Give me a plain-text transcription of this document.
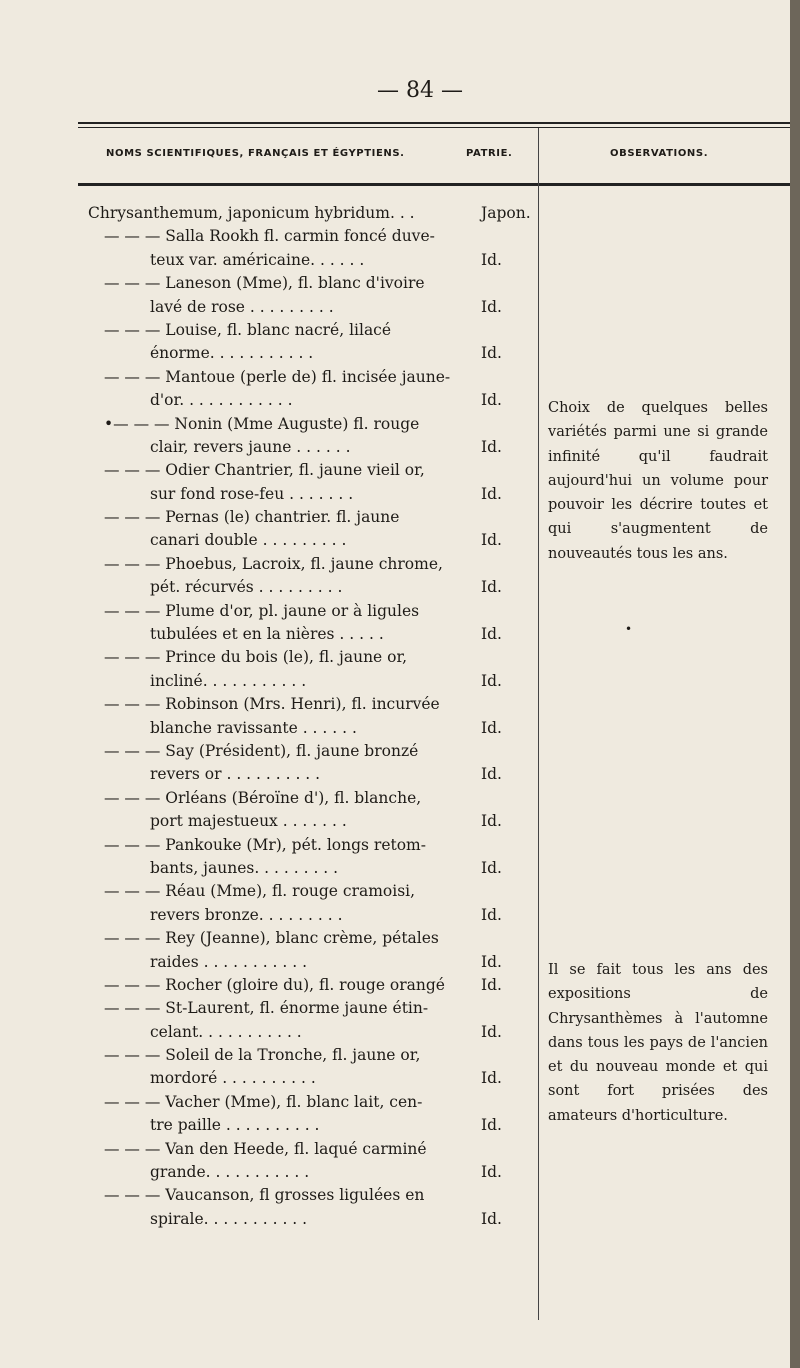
— 84 —
NOMS SCIENTIFIQUES, FRANÇAIS ET ÉGYPTIENS.	PATRIE.	OBSERVATIONS.
Chrysanthemum, japonicum hybridum. . .	Japon.
— — — Salla Rookh fl. carmin foncé duve-
teux var. américaine. . . . . .	Id.
— — — Laneson (Mme), fl. blanc d'ivoire
lavé de rose . . . . . . . . .	Id.
— — — Louise, fl. blanc nacré, lilacé
énorme. . . . . . . . . . .	Id.
— — — Mantoue (perle de) fl. incisée jaune-
d'or. . . . . . . . . . . .	Id.
•— — — Nonin (Mme Auguste) fl. rouge
clair, revers jaune . . . . . .	Id.
— — — Odier Chantrier, fl. jaune vieil or,
sur fond rose-feu . . . . . . .	Id.
— — — Pernas (le) chantrier. fl. jaune
canari double . . . . . . . . .	Id.
— — — Phoebus, Lacroix, fl. jaune chrome,
pét. récurvés . . . . . . . . .	Id.
— — — Plume d'or, pl. jaune or à ligules
tubulées et en la nières . . . . .	Id.
— — — Prince du bois (le), fl. jaune or,
incliné. . . . . . . . . . .	Id.
— — — Robinson (Mrs. Henri), fl. incurvée
blanche ravissante . . . . . .	Id.
— — — Say (Président), fl. jaune bronzé
revers or . . . . . . . . . .	Id.
— — — Orléans (Béroïne d'), fl. blanche,
port majestueux . . . . . . .	Id.
— — — Pankouke (Mr), pét. longs retom-
bants, jaunes. . . . . . . . .	Id.
— — — Réau (Mme), fl. rouge cramoisi,
revers bronze. . . . . . . . .	Id.
— — — Rey (Jeanne), blanc crème, pétales
raides . . . . . . . . . . .	Id.
— — — Rocher (gloire du), fl. rouge orangé Id.
— — — St-Laurent, fl. énorme jaune étin-
celant. . . . . . . . . . .	Id.
— — — Soleil de la Tronche, fl. jaune or,
mordoré . . . . . . . . . .	Id.
— — — Vacher (Mme), fl. blanc lait, cen-
tre paille . . . . . . . . . .	Id.
— — — Van den Heede, fl. laqué carminé
grande. . . . . . . . . . .	Id.
— — — Vaucanson, fl grosses ligulées en
spirale. . . . . . . . . . .	Id.
Choix de quelques belles variétés parmi une si grande infinité qu'il faudrait aujourd'hui un volume pour pouvoir les décrire toutes et qui s'augmentent de nouveautés tous les ans.
•
Il se fait tous les ans des expositions de Chrysanthèmes à l'automne dans tous les pays de l'ancien et du nouveau monde et qui sont fort prisées des amateurs d'horticulture.
